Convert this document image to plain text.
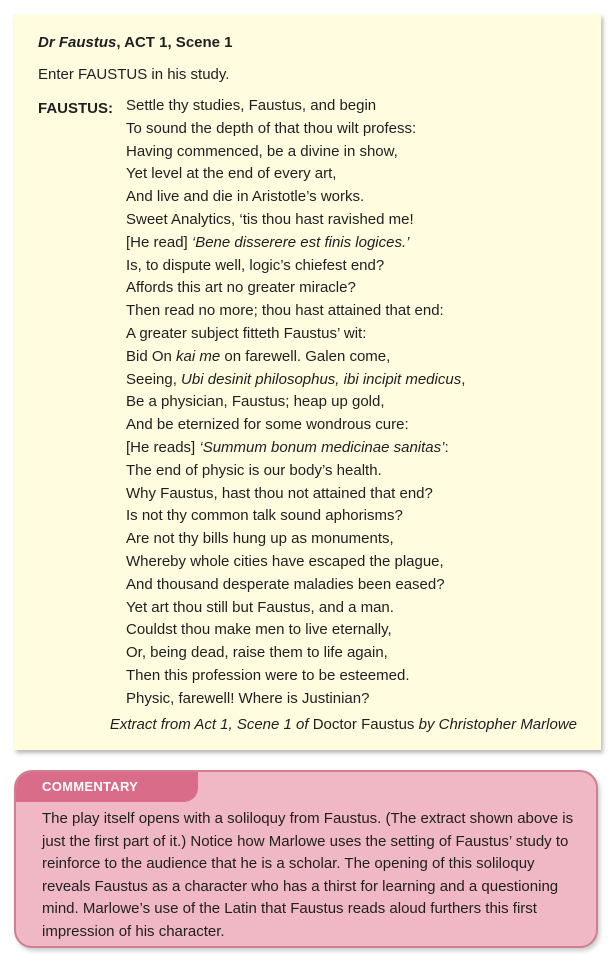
Dr Faustus, ACT 1, Scene 1
Enter FAUSTUS in his study.
FAUSTUS: Settle thy studies, Faustus, and begin
To sound the depth of that thou wilt profess:
Having commenced, be a divine in show,
Yet level at the end of every art,
And live and die in Aristotle’s works.
Sweet Analytics, ‘tis thou hast ravished me!
[He read] ‘Bene disserere est finis logices.’
Is, to dispute well, logic’s chiefest end?
Affords this art no greater miracle?
Then read no more; thou hast attained that end:
A greater subject fitteth Faustus’ wit:
Bid On kai me on farewell. Galen come,
Seeing, Ubi desinit philosophus, ibi incipit medicus,
Be a physician, Faustus; heap up gold,
And be eternized for some wondrous cure:
[He reads] ‘Summum bonum medicinae sanitas’:
The end of physic is our body’s health.
Why Faustus, hast thou not attained that end?
Is not thy common talk sound aphorisms?
Are not thy bills hung up as monuments,
Whereby whole cities have escaped the plague,
And thousand desperate maladies been eased?
Yet art thou still but Faustus, and a man.
Couldst thou make men to live eternally,
Or, being dead, raise them to life again,
Then this profession were to be esteemed.
Physic, farewell! Where is Justinian?
Extract from Act 1, Scene 1 of Doctor Faustus by Christopher Marlowe
COMMENTARY

The play itself opens with a soliloquy from Faustus. (The extract shown above is just the first part of it.) Notice how Marlowe uses the setting of Faustus’ study to reinforce to the audience that he is a scholar. The opening of this soliloquy reveals Faustus as a character who has a thirst for learning and a questioning mind. Marlowe’s use of the Latin that Faustus reads aloud furthers this first impression of his character.
